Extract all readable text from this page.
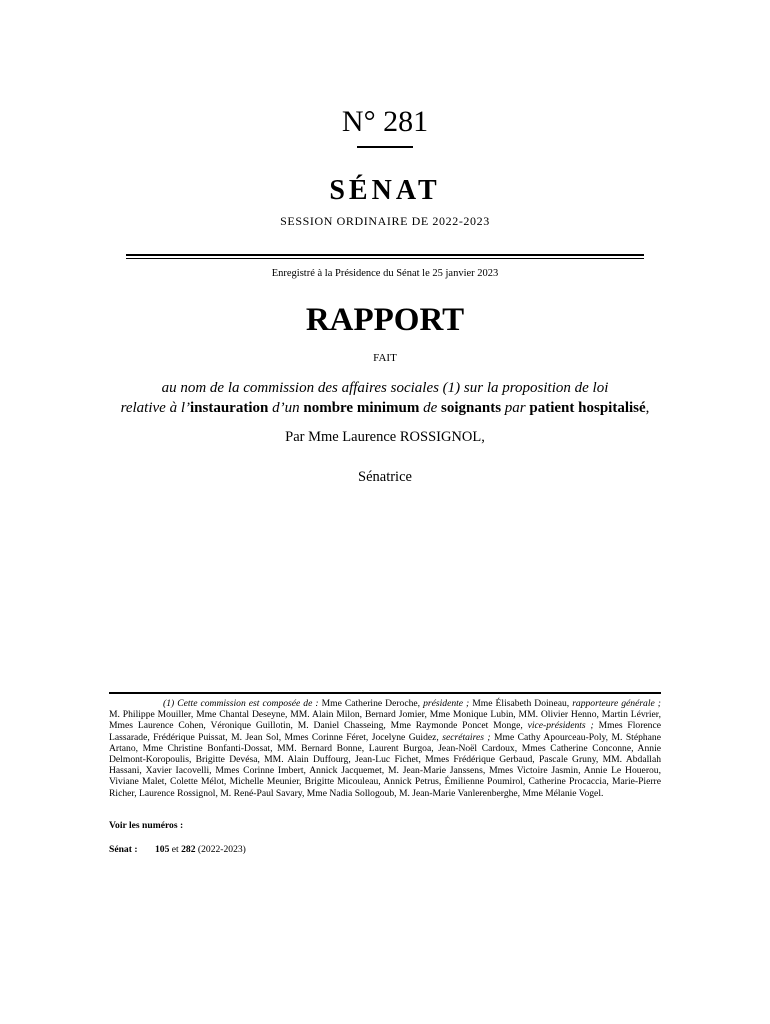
N° 281
SÉNAT
SESSION ORDINAIRE DE 2022-2023
Enregistré à la Présidence du Sénat le 25 janvier 2023
RAPPORT
FAIT
au nom de la commission des affaires sociales (1) sur la proposition de loi
relative à l’instauration d’un nombre minimum de soignants par patient hospitalisé,
Par Mme Laurence ROSSIGNOL,
Sénatrice

(1) Cette commission est composée de : Mme Catherine Deroche, présidente ; Mme Élisabeth Doineau, rapporteure générale ; M. Philippe Mouiller, Mme Chantal Deseyne, MM. Alain Milon, Bernard Jomier, Mme Monique Lubin, MM. Olivier Henno, Martin Lévrier, Mmes Laurence Cohen, Véronique Guillotin, M. Daniel Chasseing, Mme Raymonde Poncet Monge, vice-présidents ; Mmes Florence Lassarade, Frédérique Puissat, M. Jean Sol, Mmes Corinne Féret, Jocelyne Guidez, secrétaires ; Mme Cathy Apourceau-Poly, M. Stéphane Artano, Mme Christine Bonfanti-Dossat, MM. Bernard Bonne, Laurent Burgoa, Jean-Noël Cardoux, Mmes Catherine Conconne, Annie Delmont-Koropoulis, Brigitte Devésa, MM. Alain Duffourg, Jean-Luc Fichet, Mmes Frédérique Gerbaud, Pascale Gruny, MM. Abdallah Hassani, Xavier Iacovelli, Mmes Corinne Imbert, Annick Jacquemet, M. Jean-Marie Janssens, Mmes Victoire Jasmin, Annie Le Houerou, Viviane Malet, Colette Mélot, Michelle Meunier, Brigitte Micouleau, Annick Petrus, Émilienne Poumirol, Catherine Procaccia, Marie-Pierre Richer, Laurence Rossignol, M. René-Paul Savary, Mme Nadia Sollogoub, M. Jean-Marie Vanlerenberghe, Mme Mélanie Vogel.

Voir les numéros :
Sénat : 105 et 282 (2022-2023)
